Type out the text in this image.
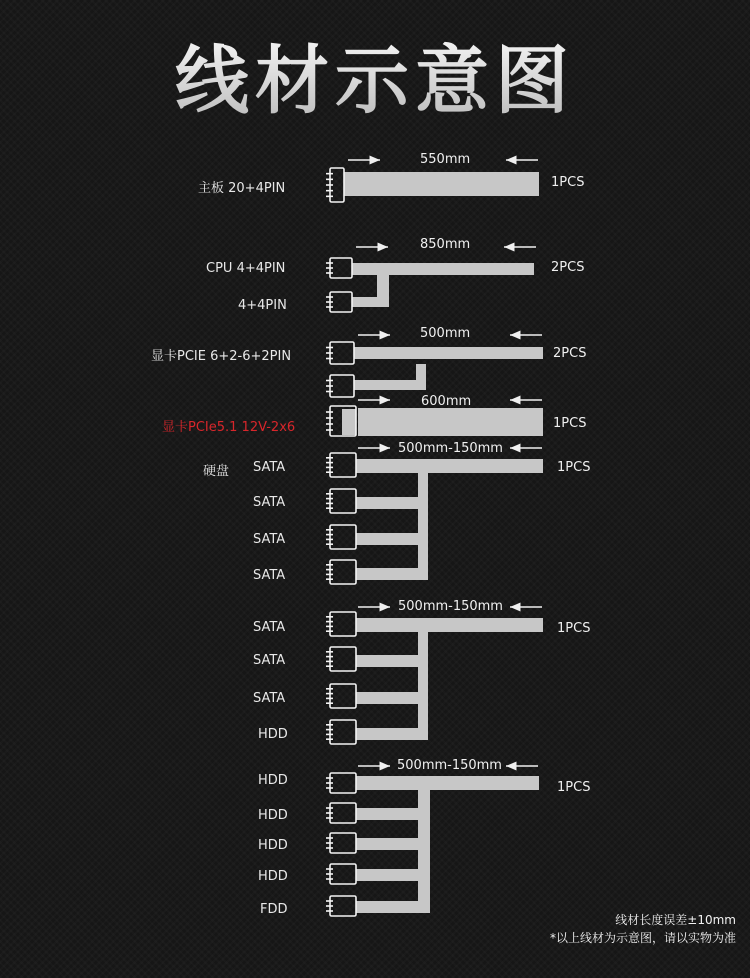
线材示意图
主板 20+4PIN
550mm
1PCS
CPU 4+4PIN
4+4PIN
850mm
2PCS
显卡PCIE 6+2-6+2PIN
500mm
2PCS
显卡PCIe5.1 12V-2x6
600mm
1PCS
硬盘 SATA
SATA
SATA
SATA
500mm-150mm
1PCS
SATA
SATA
SATA
HDD
500mm-150mm
1PCS
HDD
HDD
HDD
HDD
FDD
500mm-150mm
1PCS
线材长度误差±10mm
*以上线材为示意图，请以实物为准
